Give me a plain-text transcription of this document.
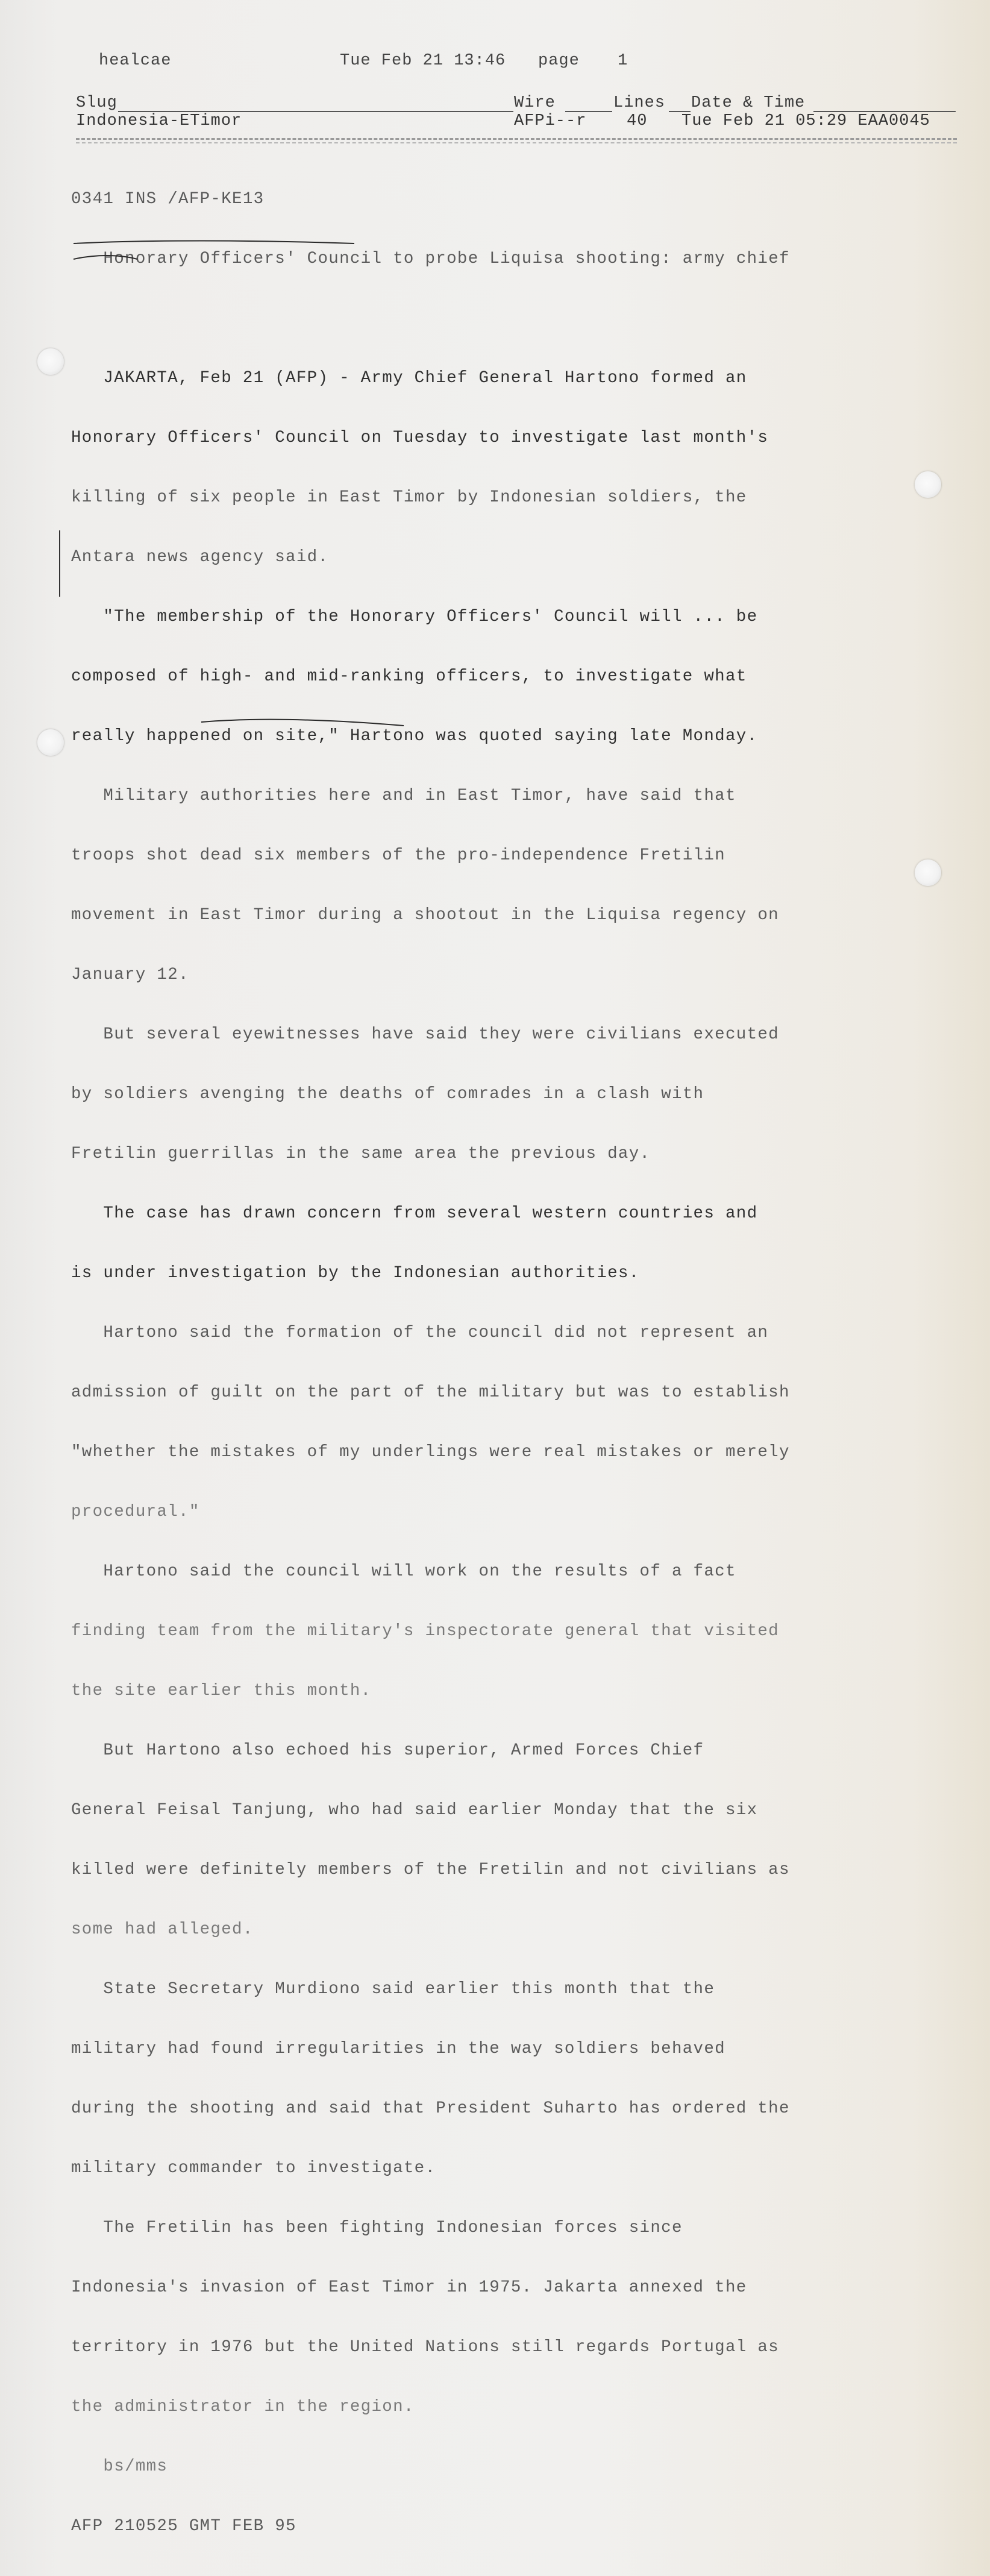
healcae	Tue Feb 21 13:46 page 1
Slug	Wire	Lines Date & Time
Indonesia-ETimor	AFPi--r 40 Tue Feb 21 05:29 EAA0045

0341 INS /AFP-KE13

Honorary Officers' Council to probe Liquisa shooting: army chief

JAKARTA, Feb 21 (AFP) - Army Chief General Hartono formed an

Honorary Officers' Council on Tuesday to investigate last month's

killing of six people in East Timor by Indonesian soldiers, the

Antara news agency said.

"The membership of the Honorary Officers' Council will ... be

composed of high- and mid-ranking officers, to investigate what

really happened on site," Hartono was quoted saying late Monday.

Military authorities here and in East Timor, have said that

troops shot dead six members of the pro-independence Fretilin

movement in East Timor during a shootout in the Liquisa regency on

January 12.

But several eyewitnesses have said they were civilians executed

by soldiers avenging the deaths of comrades in a clash with

Fretilin guerrillas in the same area the previous day.

The case has drawn concern from several western countries and

is under investigation by the Indonesian authorities.

Hartono said the formation of the council did not represent an

admission of guilt on the part of the military but was to establish

"whether the mistakes of my underlings were real mistakes or merely

procedural."

Hartono said the council will work on the results of a fact

finding team from the military's inspectorate general that visited

the site earlier this month.

But Hartono also echoed his superior, Armed Forces Chief

General Feisal Tanjung, who had said earlier Monday that the six

killed were definitely members of the Fretilin and not civilians as

some had alleged.

State Secretary Murdiono said earlier this month that the

military had found irregularities in the way soldiers behaved

during the shooting and said that President Suharto has ordered the

military commander to investigate.

The Fretilin has been fighting Indonesian forces since

Indonesia's invasion of East Timor in 1975. Jakarta annexed the

territory in 1976 but the United Nations still regards Portugal as

the administrator in the region.

bs/mms

AFP 210525 GMT FEB 95
